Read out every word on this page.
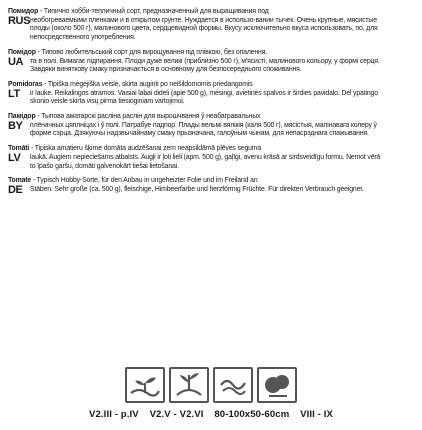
Помидор - Типично хобби-тепличный сорт, предназначенный для выращивания под
RUS необогреваемыми пленками и в открытом грунте. Нуждается в использо-вании тычек. Очень крупные, мясистые плоды (около 500 г), малинового цвета, сердцевидной формы. Вкусу исключительно вкуса использовать, по, для непосредственного употребления.
Помідор - Типово любительський сорт для вирощування під плівкою, без опалення,
UA та в полі. Вимагає підпирання. Плоди дуже великі (приблизно 500 г), м'ясисті, малинового кольору, у формі серця. Завдяки виняткову смаку призначається в основному для безпосереднього споживання.
Pomidoras - Tipiška mėgėjiška veislė, skirta auginti po neišildomomis priedangomis
LT	ir lauke. Reikalingos atramos. Vaisiai labai dideli (apie 500 g), mėsingi, avietinės spalvos ir širdies pavidalo. Dėl ypatingo skonio veislė skirta visų pirma tiesioginiam vartojimui.
Памідор - Тыпова аматарскі расліна раслін для вырошчвання ў неабагравальных
BY	плёначных цяплніцах і ў полі. Патрабуе падпор. Плады вельмі вялікія (каля 500 г), мясістыя, малінавага колеру ў форме сэрца. Дзякуючы надзвычайнаму смаку прызначана, галоўным чынам, для непасрэднага спажывання.
Tomāti - Tipiska amatieru šķirne domāta audzēšanai zem neapsildāmā plēves seguma
LV	laukā. Augiem nepieciešams atbalsts. Augļi ir ļoti lieli (apm. 500 g), gaļīgi, avenu krāsā ar sirdsveidīgu formu. Nemot vērā to īpašo garšu, domāti galvenokārt tiešai lietošanai.
Tomate - Typisch Hobby-Sorte, für den Anbau in ungeheizter Folie und im Freiland an
DE	Stäben. Sehr große (ca. 500 g), fleischige, Himbeerfarbe und herzförmig Früchte. Für direkten Verbrauch geeignet.
V2.III - p.IV V2.V - V2.VI 80-100x50-60cm VIII - IX
